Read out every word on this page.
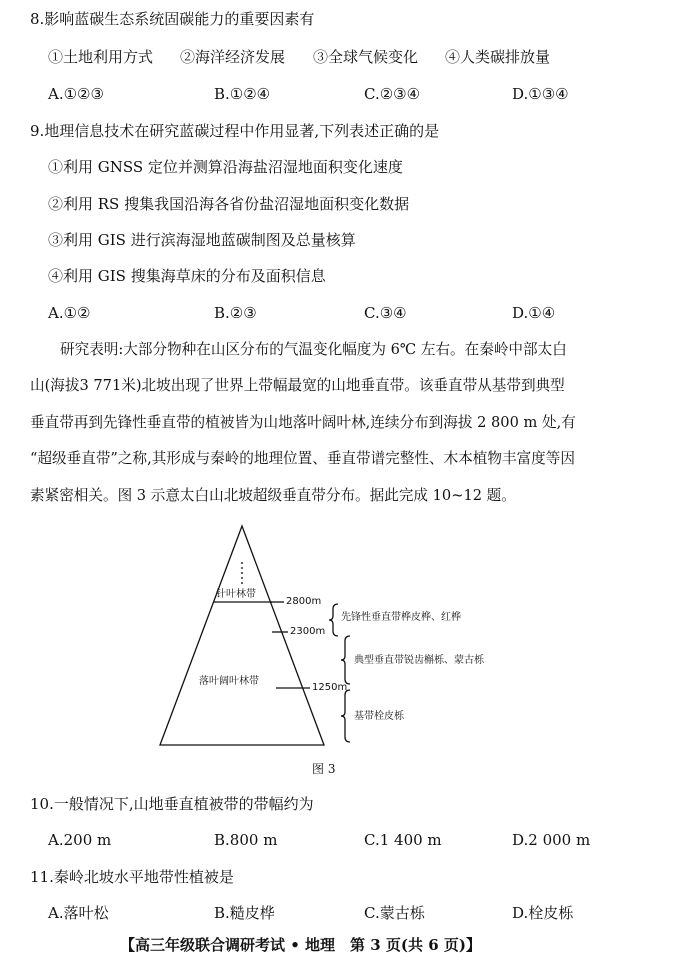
8.影响蓝碳生态系统固碳能力的重要因素有
①土地利用方式 ②海洋经济发展 ③全球气候变化 ④人类碳排放量
A.①②③	B.①②④	C.②③④	D.①③④
9.地理信息技术在研究蓝碳过程中作用显著,下列表述正确的是
①利用 GNSS 定位并测算沿海盐沼湿地面积变化速度
②利用 RS 搜集我国沿海各省份盐沼湿地面积变化数据
③利用 GIS 进行滨海湿地蓝碳制图及总量核算
④利用 GIS 搜集海草床的分布及面积信息
A.①②	B.②③	C.③④	D.①④
研究表明:大部分物种在山区分布的气温变化幅度为 6℃ 左右。在秦岭中部太白
山(海拔3 771米)北坡出现了世界上带幅最宽的山地垂直带。该垂直带从基带到典型
垂直带再到先锋性垂直带的植被皆为山地落叶阔叶林,连续分布到海拔 2 800 m 处,有
“超级垂直带”之称,其形成与秦岭的地理位置、垂直带谱完整性、木本植物丰富度等因
素紧密相关。图 3 示意太白山北坡超级垂直带分布。据此完成 10~12 题。
针叶林带
落叶阔叶林带
2800m
2300m
1250m
先锋性垂直带桦皮桦、红桦
典型垂直带锐齿槲栎、蒙古栎
基带栓皮栎
图 3
10.一般情况下,山地垂直植被带的带幅约为
A.200 m	B.800 m	C.1 400 m	D.2 000 m
11.秦岭北坡水平地带性植被是
A.落叶松	B.糙皮桦	C.蒙古栎	D.栓皮栎
【高三年级联合调研考试 • 地理　第 3 页(共 6 页)】
